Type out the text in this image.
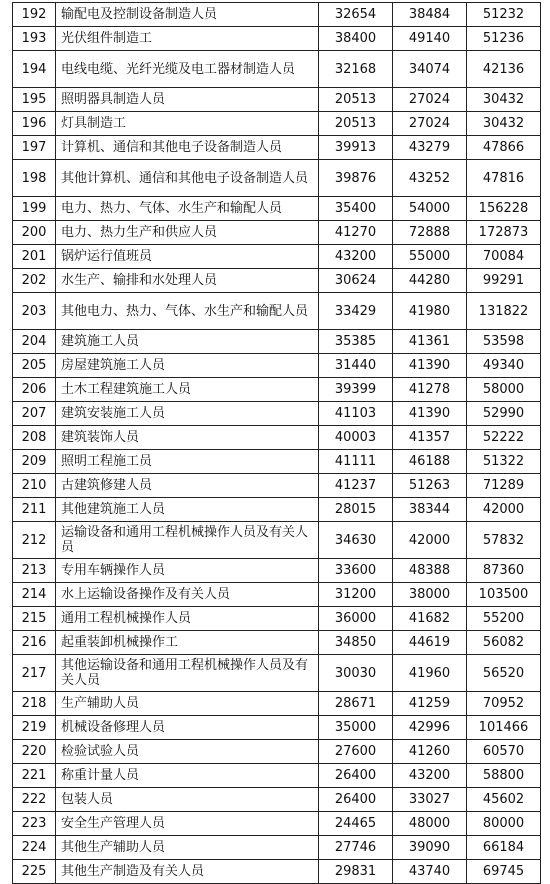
192	输配电及控制设备制造人员	32654	38484	51232
193	光伏组件制造工	38400	49140	51236
194	电线电缆、光纤光缆及电工器材制造人员	32168	34074	42136
195	照明器具制造人员	20513	27024	30432
196	灯具制造工	20513	27024	30432
197	计算机、通信和其他电子设备制造人员	39913	43279	47866
198	其他计算机、通信和其他电子设备制造人员	39876	43252	47816
199	电力、热力、气体、水生产和输配人员	35400	54000	156228
200	电力、热力生产和供应人员	41270	72888	172873
201	锅炉运行值班员	43200	55000	70084
202	水生产、输排和水处理人员	30624	44280	99291
203	其他电力、热力、气体、水生产和输配人员	33429	41980	131822
204	建筑施工人员	35385	41361	53598
205	房屋建筑施工人员	31440	41390	49340
206	土木工程建筑施工人员	39399	41278	58000
207	建筑安装施工人员	41103	41390	52990
208	建筑装饰人员	40003	41357	52222
209	照明工程施工员	41111	46188	51322
210	古建筑修建人员	41237	51263	71289
211	其他建筑施工人员	28015	38344	42000
212	运输设备和通用工程机械操作人员及有关人员	34630	42000	57832
213	专用车辆操作人员	33600	48388	87360
214	水上运输设备操作及有关人员	31200	38000	103500
215	通用工程机械操作人员	36000	41682	55200
216	起重装卸机械操作工	34850	44619	56082
217	其他运输设备和通用工程机械操作人员及有关人员	30030	41960	56520
218	生产辅助人员	28671	41259	70952
219	机械设备修理人员	35000	42996	101466
220	检验试验人员	27600	41260	60570
221	称重计量人员	26400	43200	58800
222	包装人员	26400	33027	45602
223	安全生产管理人员	24465	48000	80000
224	其他生产辅助人员	27746	39090	66184
225	其他生产制造及有关人员	29831	43740	69745
